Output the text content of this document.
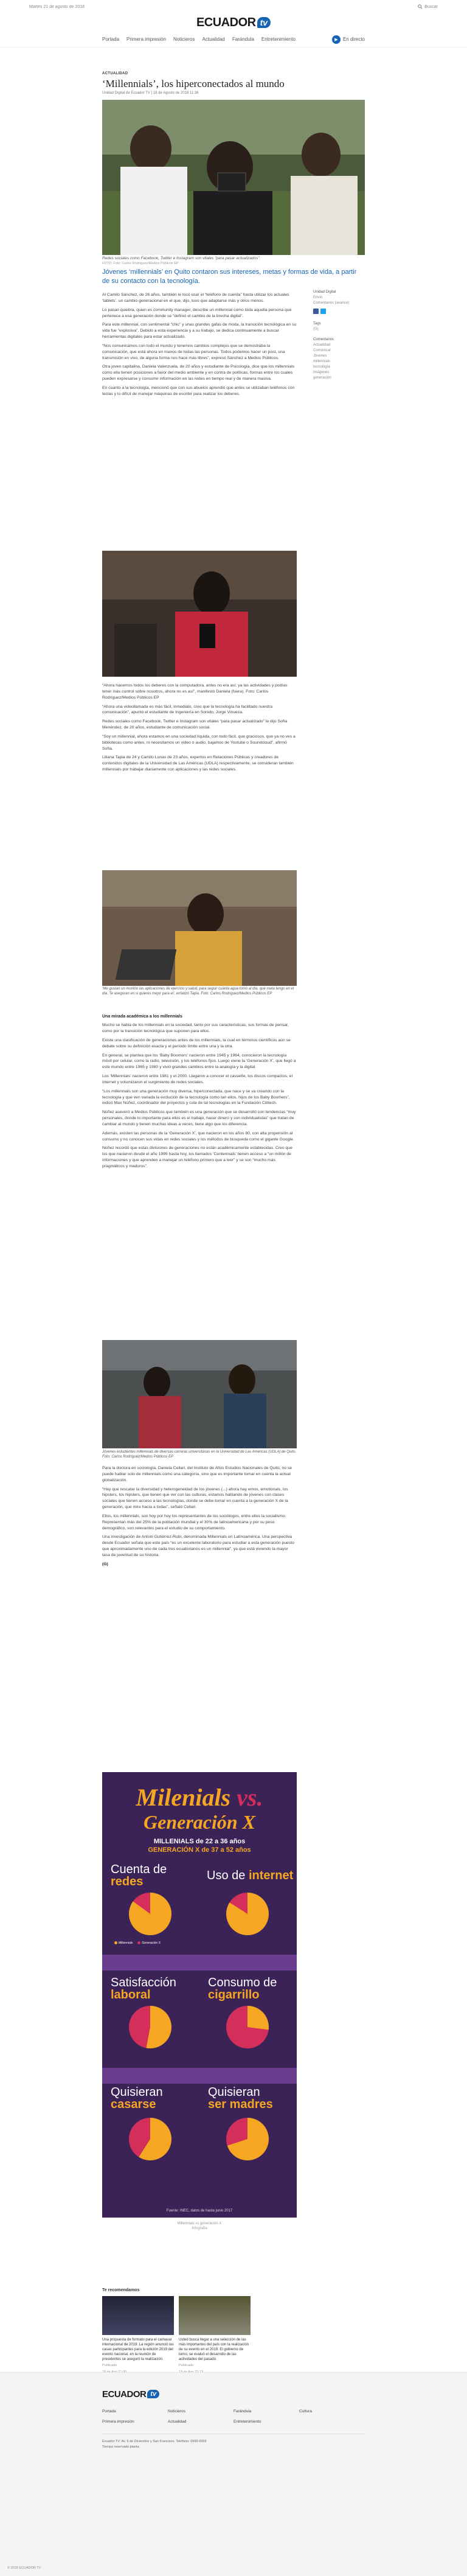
Martes 21 de agosto de 2018	Buscar
ECUADOR tv
Portada Primera impresión Noticieros Actualidad Farándula Entretenimiento	▶	En directo
ACTUALIDAD
‘Millennials’, los hiperconectados al mundo
Unidad Digital de Ecuador TV | 18 de Agosto de 2018 11:36
Redes sociales como Facebook, Twitter e Instagram son vitales “para pasar actualizados”.
FOTO: Foto: Carlos Rodríguez/Medios Públicos EP
Jóvenes ‘millennials’ en Quito contaron sus intereses, metas y formas de vida, a partir de su contacto con la tecnología.
Unidad Digital
Envío
Comentarios (avance)
Tags
(G)
Comentarios
Actualidad
Comunicar
Jóvenes
millennials
tecnología
Imágenes
generación

Al Camilo Sánchez, de 26 años, también le tocó usar el “teléfono de cuerda” hasta utilizar los actuales ‘tablets’, un cambio generacional en el que, dijo, tuvo que adaptarse más y otros menos.

Lo pasan quiebra, quien es community manager, describe un millennial como toda aquella persona que pertenece a esa generación donde se “definió el cambio de la brecha digital”.

Para este millennial, con sentimental “chic” y unas grandes gafas de moda, la transición tecnológica en su vida fue “explosiva”. Debido a esta experiencia y a su trabajo, se dedica continuamente a buscar herramientas digitales para estar actualizado.

“Nos comunicamos con todo el mundo y tenemos cambios complejos que se demostraba la comunicación, que está ahora en manos de todas las personas. Todos podemos hacer un post, una transmisión en vivo, de alguna forma nos hace más libres”, expresó Sánchez a Medios Públicos.

Otra joven capitalina, Daniela Valenzuela, de 20 años y estudiante de Psicología, dice que los millennials como ella tienen posiciones a favor del medio ambiente y en contra de políticas, formas entre los cuales pueden expresarse y consumir información en las redes en tiempo real y de manera masiva.

En cuanto a la tecnología, mencionó que con sus abuelos aprendió que antes se utilizaban teléfonos con teclas y lo difícil de manejar máquinas de escribir para realizar los deberes.

“Ahora hacemos todos los deberes con la computadora, antes no era así; ya las actividades y podías tener más control sobre nosotros, ahora no es así”, manifestó Daniela (fuera). Foto: Carlos Rodríguez/Medios Públicos EP

“Ahora una videollamada es más fácil, inmediato, creo que la tecnología ha facilitado nuestra comunicación”, apuntó el estudiante de Ingeniería en Sonido, Jorge Vinueza.

Redes sociales como Facebook, Twitter e Instagram son vitales “para pasar actualizado” le dijo Sofía Menéndez, de 20 años, estudiante de comunicación social.

“Soy un millennial, ahora estamos en una sociedad líquida, con todo fácil, que graciosos, que ya no ves a bibliotecas como antes, ni necesitamos un video o audio, bajamos de Youtube o Soundcloud”, afirmó Sofía.

Liliana Tapia de 24 y Camilo Lunas de 23 años, expertos en Relaciones Públicas y creadores de contenidos digitales de la Universidad de Las Américas (UDLA) respectivamente, se consideran también millennials por trabajar diariamente con aplicaciones y las redes sociales.

‘Me gustan un montón las aplicaciones de ejercicio y salud, para seguir cuánta agua tomo al día, qué meta tengo en el día. Te aseguran en si quieres mejor para el’, enfatizó Tapia. Foto: Carlos Rodríguez/Medios Públicos EP
Una mirada académica a los millennials

Mucho se habla de los millennials en la sociedad, tanto por sus características, sus formas de pensar, como por la transición tecnológica que suponen para ellos.

Existe una clasificación de generaciones antes de los millennials, la cual en términos científicos aún se debate sobre su definición exacta y el período límite entre una y la otra.

En general, se plantea que los ‘Baby Boomers’ nacieron entre 1945 y 1964, conocieron la tecnología móvil por celular, como la radio, televisión, y los teléfonos fijos. Luego viene la ‘Generación X’, que llegó a este mundo entre 1965 y 1980 y vivió grandes cambios entre la analogía y la digital.

Los ‘Millennials’ nacieron entre 1981 y el 2000. Llegaron a conocer el cassette, los discos compactos, el internet y volumizaron el surgimiento de redes sociales.

“Los millennials son una generación muy diversa, hiperconectada, que nace y se va creando con la tecnología y que ven variada la evolución de la tecnología como tan ellos, hijos de los Baby Boomers”, indicó Max Núñez, coordinador del proyectos y cola de tal tecnologías en la Fundación Cititech.

Núñez aseveró a Medios Públicos que también es una generación que se desarrolló con tendencias “muy personales, donde lo importante para ellos es el trabajo, hacer dinero y son individualistas” que tratan de cambiar al mundo y tienen muchas ideas a veces, tiene algo que los diferencia.

Además, existen las personas de la ‘Generación X’, que nacieron en los años 80, con alta propensión al consumo y no conocen sus vidas en redes sociales y los métodos de búsqueda como el gigante Google.

Núñez recordó que estas divisiones de generaciones no están académicamente establecidas. Creo que los que nacieron desde el año 1999 hasta hoy, los llamados ‘Centennials’ tienen acceso a “un millón de informaciones y que aprenden a manejar un teléfono primero que a leer” y se son “mucho más pragmáticos y maduros”.

Jóvenes estudiantes millennials de diversas carreras universitarias en la Universidad de Las Américas (UDLA) de Quito. Foto: Carlos Rodríguez/Medios Públicos EP

Para la doctora en sociología, Daniela Cellari, del Instituto de Altos Estudios Nacionales de Quito, no se puede hablar solo de millennials como una categoría, sino que es importante tomar en cuenta la actual globalización.

“Hay que rescatar la diversidad y heterogeneidad de los jóvenes (...) ahora hay emos, emotionals, los hipsters, los hipsters, que tienen que ver con las culturas, estamos hablando de jóvenes con clases sociales que tienen acceso a las tecnologías, donde se debe tomar en cuenta a la generación X de la generación, que mire hacia a todas”, señaló Cellari.

Ellos, los millennials, son hoy por hoy los representantes de los sociólogos, entre ellos la socialismo. Representan más del 25% de la población mundial y el 30% de latinoamericana y por su peso demográfico, son relevantes para el estudio de su comportamiento.

Una investigación de Antoni Gutiérrez-Rubí, denominada Millennials en Latinoamérica. Una perspectiva desde Ecuador señala que este país “es un excelente laboratorio para estudiar a esta generación puesto que aproximadamente uno de cada tres ecuatorianos es un millennial”, ya que está viviendo la mayor tasa de juventud de su historia.

(G)

Milenials vs.
Generación X
MILLENIALS de 22 a 36 años
GENERACIÓN X de 37 a 52 años
Cuenta de
redes
Millennials	Generación X
Uso de internet
Satisfacción
laboral
Consumo de
cigarrillo
Quisieran
casarse
Quisieran
ser madres
Fuente: INEC, datos de hasta junio 2017
Millennials vs generación X
Infografía
Te recomendamos
Una propuesta de formato para el carnaval internacional de 2019: La región anunció las casas participantes para la edición 2019 del evento nacional, en la reunión de presidentes se aseguró la realización.
Publicado
Usted busca llegar a una selección de las más importantes del país con la realización de su evento en el 2019. El gobierno de turno, se evaluó el desarrollo de las actividades del pasado.
Publicado
ECUADOR tv
Portada	Noticieros	Farándula	Cultura
Primera impresión	Actualidad	Entretenimiento
Ecuador TV: Av. 6 de Diciembre y San Francisco. Teléfono: 0999-9999
Tiempo reservado planta
© 2018 ECUADOR TV
